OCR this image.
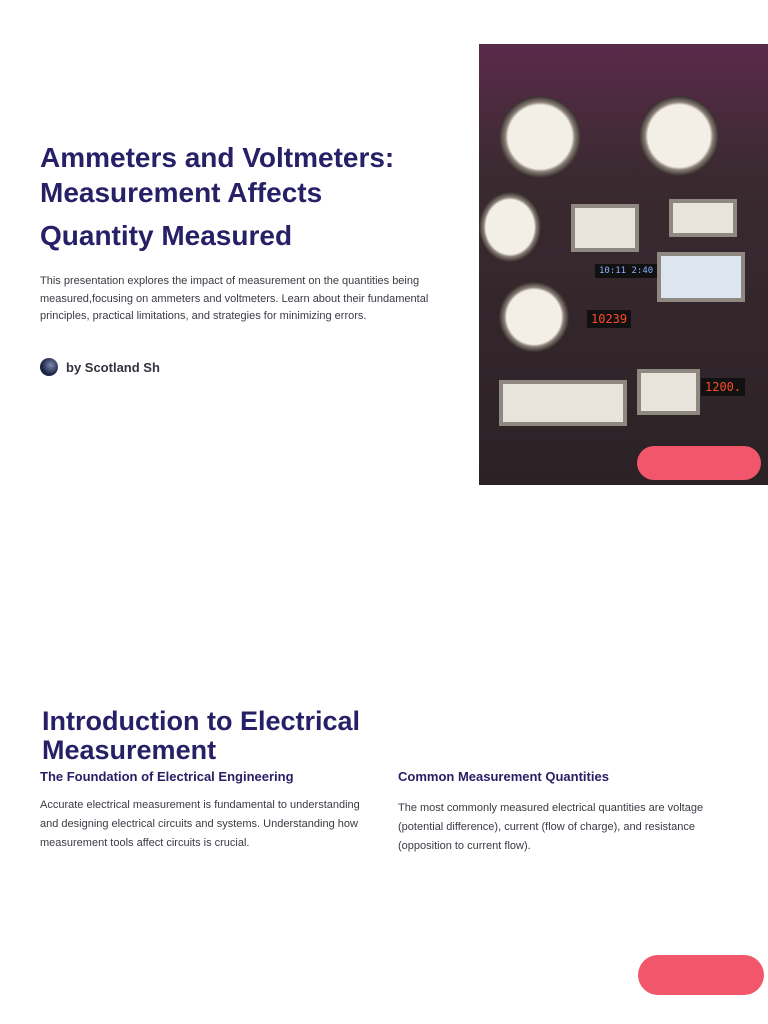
Ammeters and Voltmeters:
Measurement Affects
Quantity Measured
This presentation explores the impact of measurement on the quantities being measured,focusing on ammeters and voltmeters. Learn about their fundamental principles, practical limitations, and strategies for minimizing errors.
by Scotland Sh
10:11 2:40
10239
1200.
Introduction to Electrical Measurement
The Foundation of Electrical Engineering
Accurate electrical measurement is fundamental to understanding and designing electrical circuits and systems. Understanding how measurement tools affect circuits is crucial.
Common Measurement Quantities
The most commonly measured electrical quantities are voltage (potential difference), current (flow of charge), and resistance (opposition to current flow).
